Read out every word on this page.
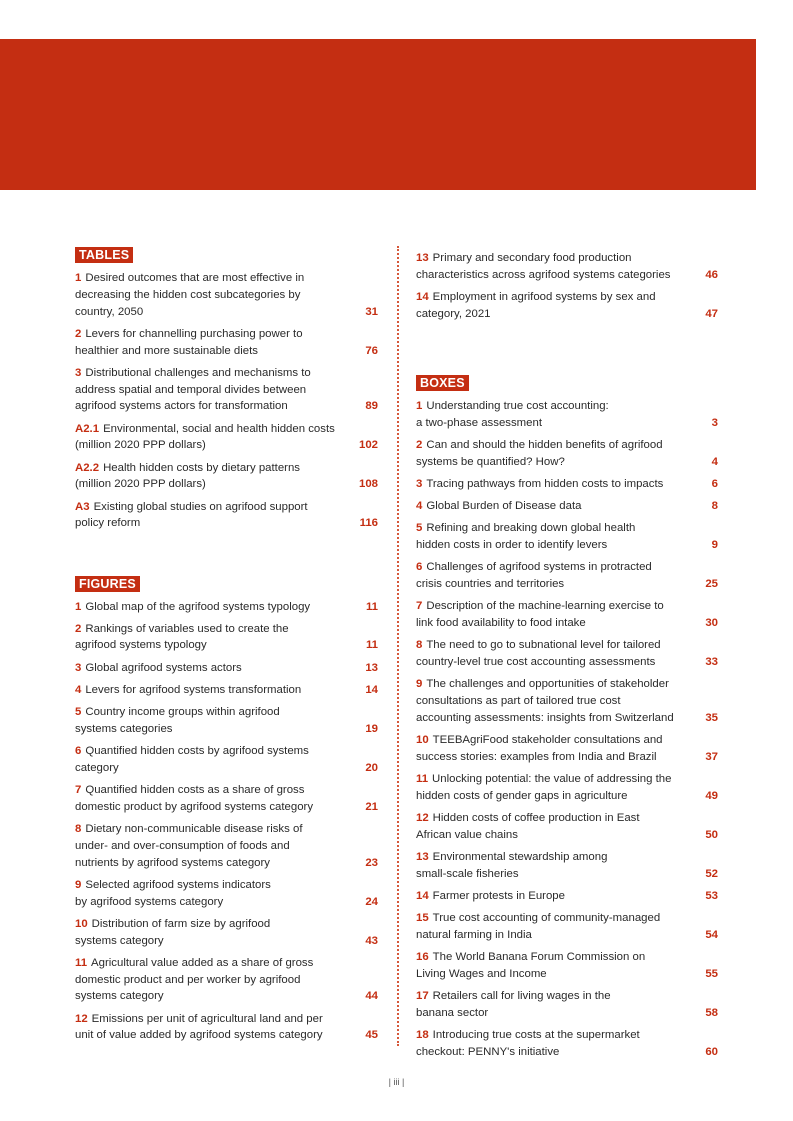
TABLES
1 Desired outcomes that are most effective in
decreasing the hidden cost subcategories by
country, 2050	31
2 Levers for channelling purchasing power to
healthier and more sustainable diets	76
3 Distributional challenges and mechanisms to
address spatial and temporal divides between
agrifood systems actors for transformation	89
A2.1 Environmental, social and health hidden costs
(million 2020 PPP dollars)	102
A2.2 Health hidden costs by dietary patterns
(million 2020 PPP dollars)	108
A3 Existing global studies on agrifood support
policy reform	116
FIGURES
1 Global map of the agrifood systems typology	11
2 Rankings of variables used to create the
agrifood systems typology	11
3 Global agrifood systems actors	13
4 Levers for agrifood systems transformation	14
5 Country income groups within agrifood
systems categories	19
6 Quantified hidden costs by agrifood systems
category	20
7 Quantified hidden costs as a share of gross
domestic product by agrifood systems category	21
8 Dietary non-communicable disease risks of
under- and over-consumption of foods and
nutrients by agrifood systems category	23
9 Selected agrifood systems indicators
by agrifood systems category	24
10 Distribution of farm size by agrifood
systems category	43
11 Agricultural value added as a share of gross
domestic product and per worker by agrifood
systems category	44
12 Emissions per unit of agricultural land and per
unit of value added by agrifood systems category	45
13 Primary and secondary food production
characteristics across agrifood systems categories	46
14 Employment in agrifood systems by sex and
category, 2021	47
BOXES
1 Understanding true cost accounting:
a two-phase assessment	3
2 Can and should the hidden benefits of agrifood
systems be quantified? How?	4
3 Tracing pathways from hidden costs to impacts	6
4 Global Burden of Disease data	8
5 Refining and breaking down global health
hidden costs in order to identify levers	9
6 Challenges of agrifood systems in protracted
crisis countries and territories	25
7 Description of the machine-learning exercise to
link food availability to food intake	30
8 The need to go to subnational level for tailored
country-level true cost accounting assessments	33
9 The challenges and opportunities of stakeholder
consultations as part of tailored true cost
accounting assessments: insights from Switzerland	35
10 TEEBAgriFood stakeholder consultations and
success stories: examples from India and Brazil	37
11 Unlocking potential: the value of addressing the
hidden costs of gender gaps in agriculture	49
12 Hidden costs of coffee production in East
African value chains	50
13 Environmental stewardship among
small-scale fisheries	52
14 Farmer protests in Europe	53
15 True cost accounting of community-managed
natural farming in India	54
16 The World Banana Forum Commission on
Living Wages and Income	55
17 Retailers call for living wages in the
banana sector	58
18 Introducing true costs at the supermarket
checkout: PENNY's initiative	60
| iii |
